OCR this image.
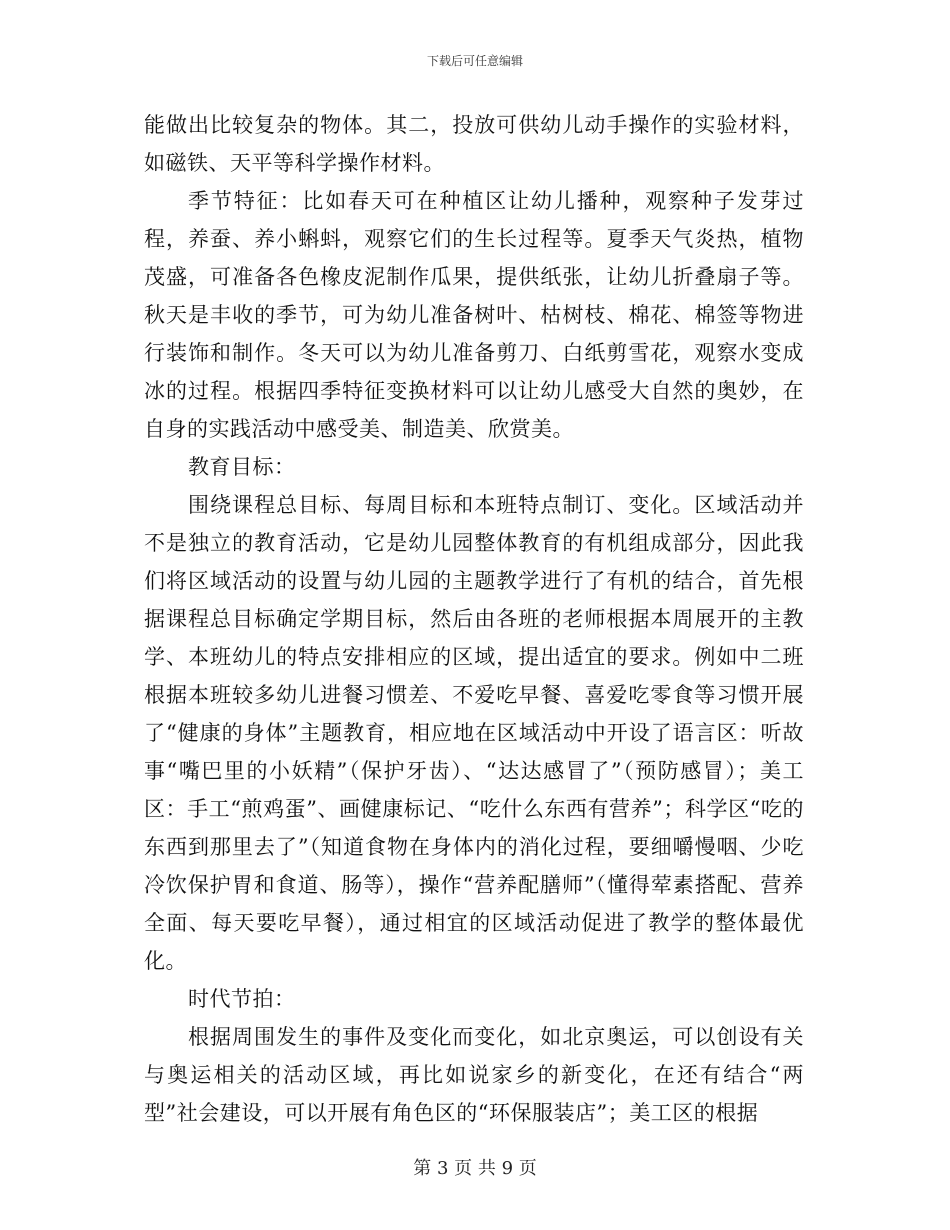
下载后可任意编辑

能做出比较复杂的物体。其二，投放可供幼儿动手操作的实验材料，如磁铁、天平等科学操作材料。

季节特征：比如春天可在种植区让幼儿播种，观察种子发芽过程，养蚕、养小蝌蚪，观察它们的生长过程等。夏季天气炎热，植物茂盛，可准备各色橡皮泥制作瓜果，提供纸张，让幼儿折叠扇子等。秋天是丰收的季节，可为幼儿准备树叶、枯树枝、棉花、棉签等物进行装饰和制作。冬天可以为幼儿准备剪刀、白纸剪雪花，观察水变成冰的过程。根据四季特征变换材料可以让幼儿感受大自然的奥妙，在自身的实践活动中感受美、制造美、欣赏美。

教育目标：

围绕课程总目标、每周目标和本班特点制订、变化。区域活动并不是独立的教育活动，它是幼儿园整体教育的有机组成部分，因此我们将区域活动的设置与幼儿园的主题教学进行了有机的结合，首先根据课程总目标确定学期目标，然后由各班的老师根据本周展开的主教学、本班幼儿的特点安排相应的区域，提出适宜的要求。例如中二班根据本班较多幼儿进餐习惯差、不爱吃早餐、喜爱吃零食等习惯开展了“健康的身体”主题教育，相应地在区域活动中开设了语言区：听故事“嘴巴里的小妖精”（保护牙齿）、“达达感冒了”（预防感冒）；美工区：手工“煎鸡蛋”、画健康标记、“吃什么东西有营养”；科学区“吃的东西到那里去了”（知道食物在身体内的消化过程，要细嚼慢咽、少吃冷饮保护胃和食道、肠等），操作“营养配膳师”（懂得荤素搭配、营养全面、每天要吃早餐），通过相宜的区域活动促进了教学的整体最优化。

时代节拍：

根据周围发生的事件及变化而变化，如北京奥运，可以创设有关与奥运相关的活动区域，再比如说家乡的新变化，在还有结合“两型”社会建设，可以开展有角色区的“环保服装店”；美工区的根据

第 3 页 共 9 页
